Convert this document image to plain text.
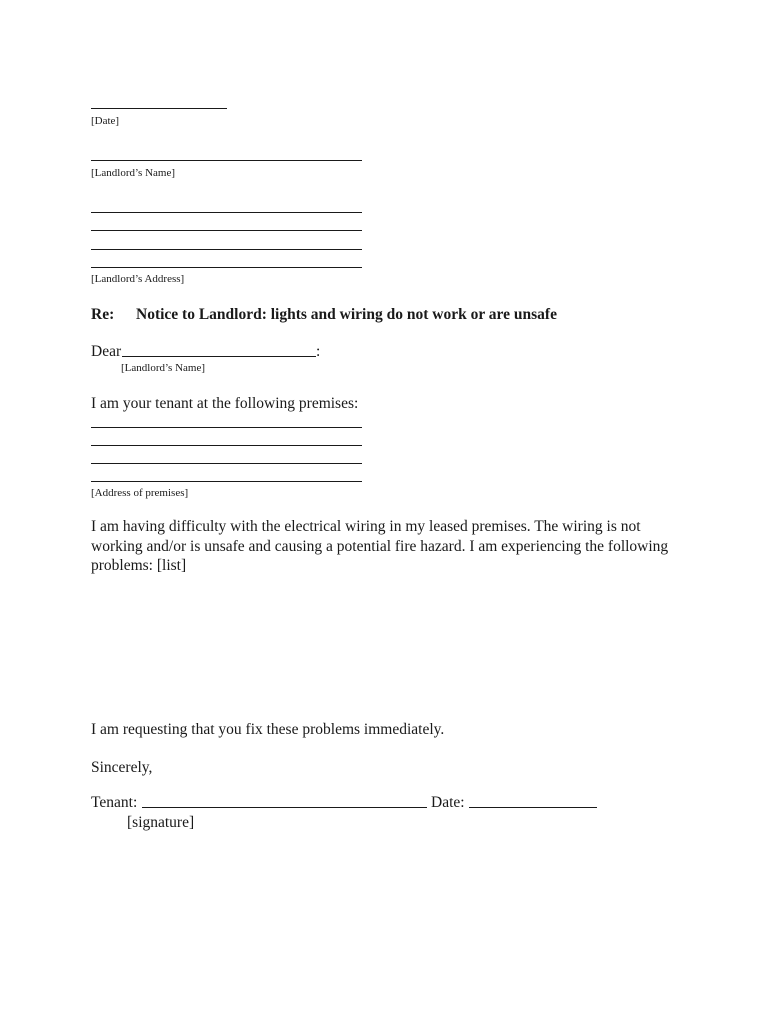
[Date]
[Landlord’s Name]
[Landlord’s Address]
Re: Notice to Landlord: lights and wiring do not work or are unsafe
Dear	:
[Landlord’s Name]
I am your tenant at the following premises:
[Address of premises]
I am having difficulty with the electrical wiring in my leased premises. The wiring is not
working and/or is unsafe and causing a potential fire hazard. I am experiencing the following
problems: [list]
I am requesting that you fix these problems immediately.
Sincerely,
Tenant:	Date:
[signature]
